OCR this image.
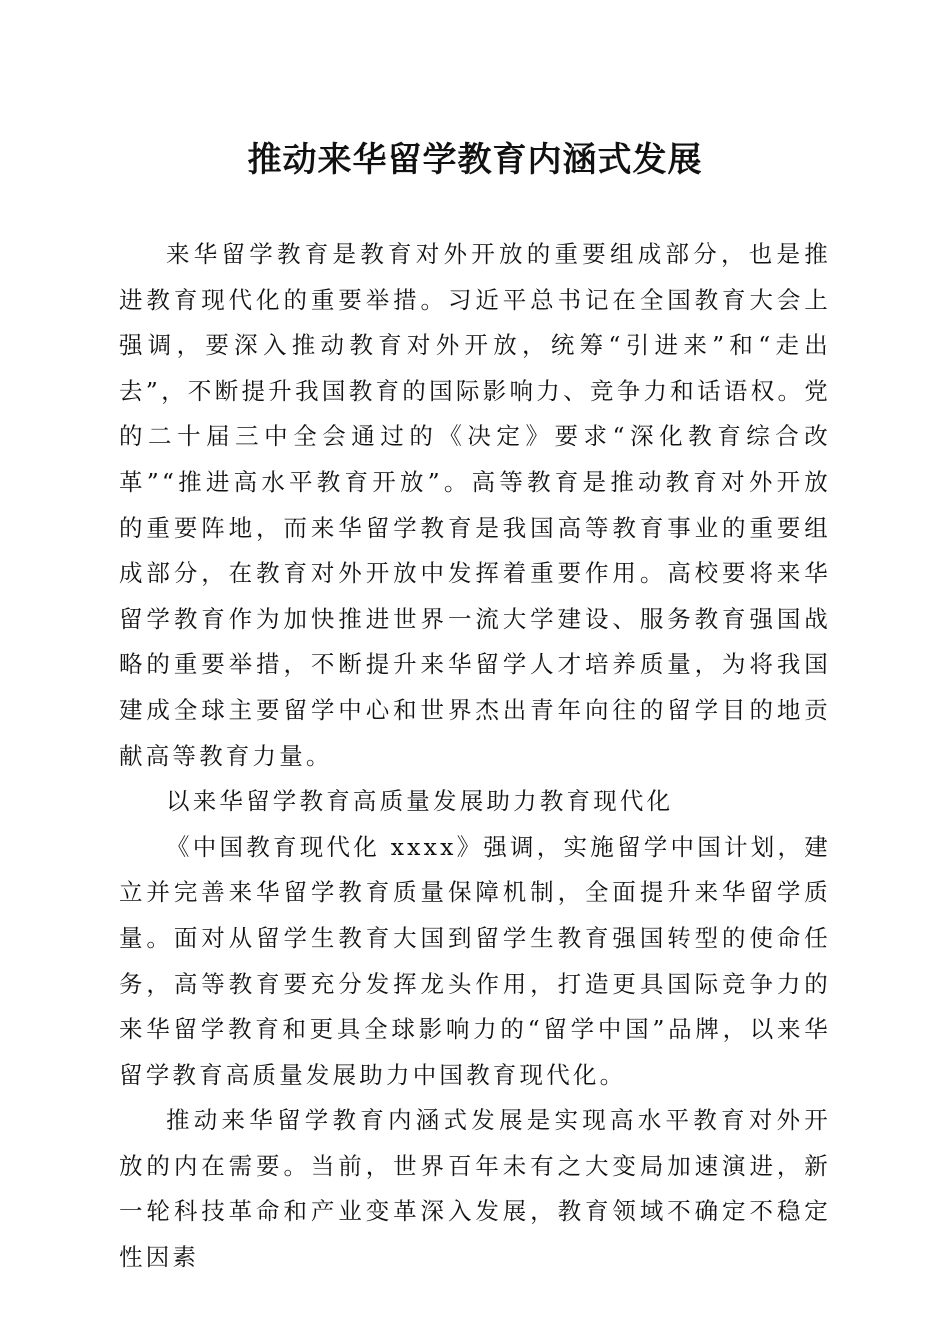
推动来华留学教育内涵式发展

来华留学教育是教育对外开放的重要组成部分，也是推进教育现代化的重要举措。习近平总书记在全国教育大会上强调，要深入推动教育对外开放，统筹“引进来”和“走出去”，不断提升我国教育的国际影响力、竞争力和话语权。党的二十届三中全会通过的《决定》要求“深化教育综合改革”“推进高水平教育开放”。高等教育是推动教育对外开放的重要阵地，而来华留学教育是我国高等教育事业的重要组成部分，在教育对外开放中发挥着重要作用。高校要将来华留学教育作为加快推进世界一流大学建设、服务教育强国战略的重要举措，不断提升来华留学人才培养质量，为将我国建成全球主要留学中心和世界杰出青年向往的留学目的地贡献高等教育力量。

以来华留学教育高质量发展助力教育现代化

《中国教育现代化 xxxx》强调，实施留学中国计划，建立并完善来华留学教育质量保障机制，全面提升来华留学质量。面对从留学生教育大国到留学生教育强国转型的使命任务，高等教育要充分发挥龙头作用，打造更具国际竞争力的来华留学教育和更具全球影响力的“留学中国”品牌，以来华留学教育高质量发展助力中国教育现代化。

推动来华留学教育内涵式发展是实现高水平教育对外开放的内在需要。当前，世界百年未有之大变局加速演进，新一轮科技革命和产业变革深入发展，教育领域不确定不稳定性因素
